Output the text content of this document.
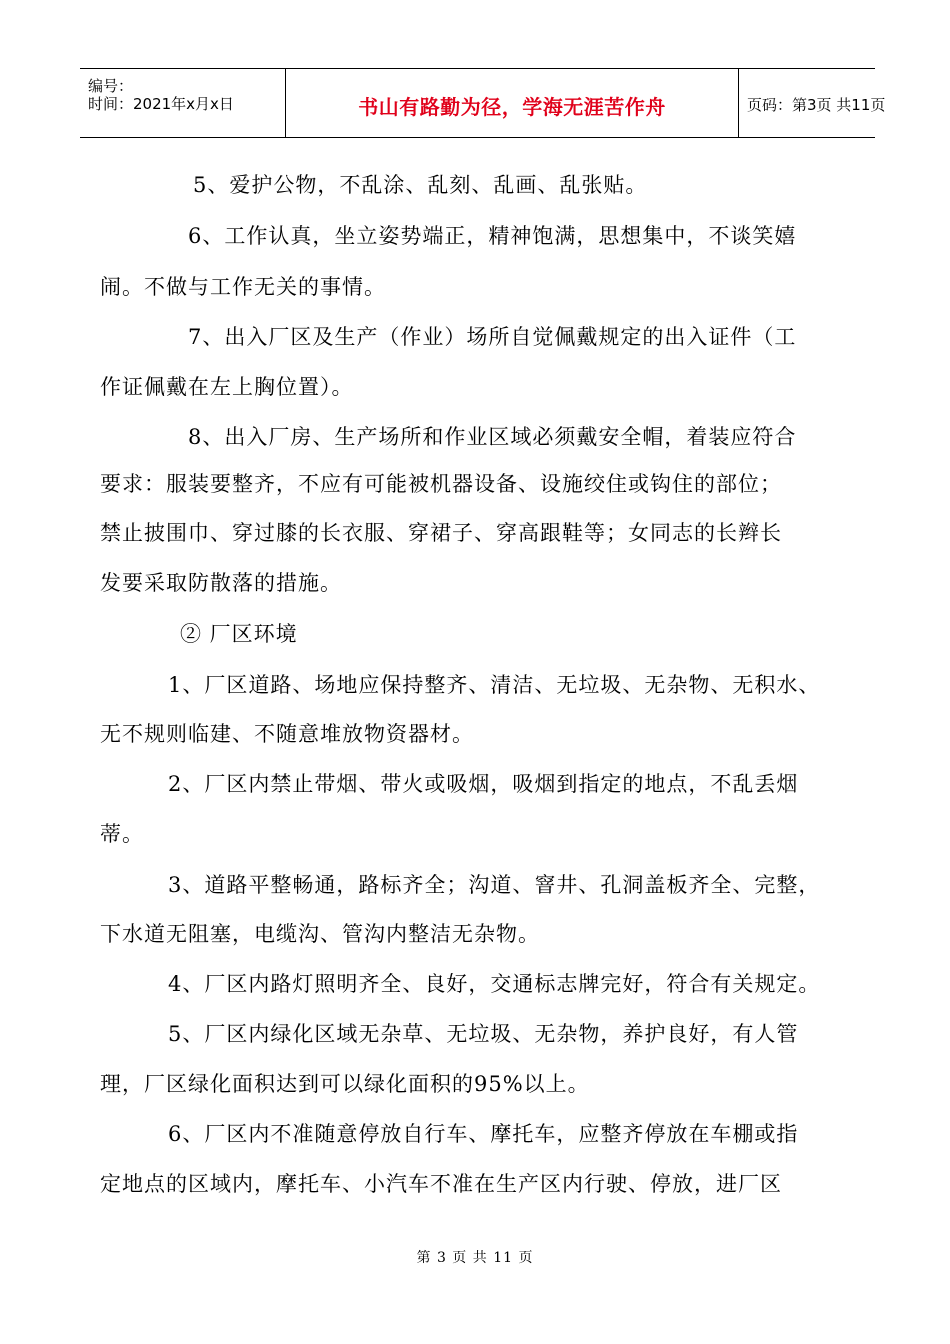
编号：
时间：2021年x月x日	书山有路勤为径，学海无涯苦作舟	页码：第3页 共11页
5、爱护公物，不乱涂、乱刻、乱画、乱张贴。
6、工作认真，坐立姿势端正，精神饱满，思想集中，不谈笑嬉
闹。不做与工作无关的事情。
7、出入厂区及生产（作业）场所自觉佩戴规定的出入证件（工
作证佩戴在左上胸位置）。
8、出入厂房、生产场所和作业区域必须戴安全帽，着装应符合
要求：服装要整齐，不应有可能被机器设备、设施绞住或钩住的部位；
禁止披围巾、穿过膝的长衣服、穿裙子、穿高跟鞋等；女同志的长辫长
发要采取防散落的措施。
② 厂区环境
1、厂区道路、场地应保持整齐、清洁、无垃圾、无杂物、无积水、
无不规则临建、不随意堆放物资器材。
2、厂区内禁止带烟、带火或吸烟，吸烟到指定的地点，不乱丢烟
蒂。
3、道路平整畅通，路标齐全；沟道、窨井、孔洞盖板齐全、完整，
下水道无阻塞，电缆沟、管沟内整洁无杂物。
4、厂区内路灯照明齐全、良好，交通标志牌完好，符合有关规定。
5、厂区内绿化区域无杂草、无垃圾、无杂物，养护良好，有人管
理，厂区绿化面积达到可以绿化面积的95%以上。
6、厂区内不准随意停放自行车、摩托车，应整齐停放在车棚或指
定地点的区域内，摩托车、小汽车不准在生产区内行驶、停放，进厂区
第 3 页 共 11 页
